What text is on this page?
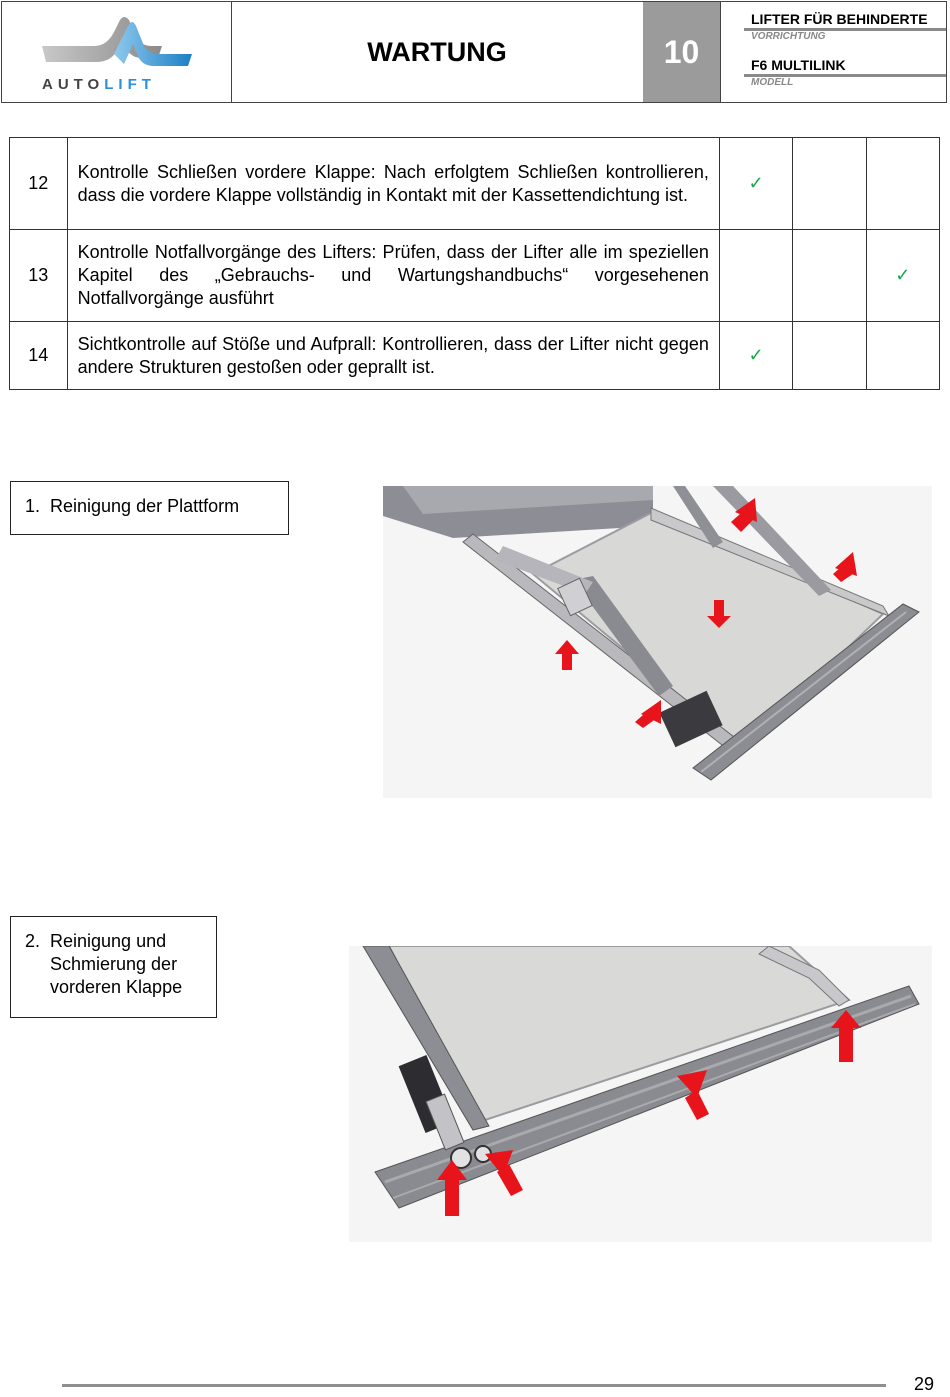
AUTOLIFT
WARTUNG	10
LIFTER FÜR BEHINDERTE
VORRICHTUNG
F6 MULTILINK
MODELL
12	Kontrolle Schließen vordere Klappe: Nach erfolgtem Schließen kontrollieren, dass die vordere Klappe vollständig in Kontakt mit der Kassettendichtung ist.	✓		
13	Kontrolle Notfallvorgänge des Lifters: Prüfen, dass der Lifter alle im speziellen Kapitel des „Gebrauchs- und Wartungshandbuchs“ vorgesehenen Notfallvorgänge ausführt			✓
14	Sichtkontrolle auf Stöße und Aufprall: Kontrollieren, dass der Lifter nicht gegen andere Strukturen gestoßen oder geprallt ist.	✓		
1. Reinigung der Plattform
2. Reinigung und Schmierung der vorderen Klappe
29
